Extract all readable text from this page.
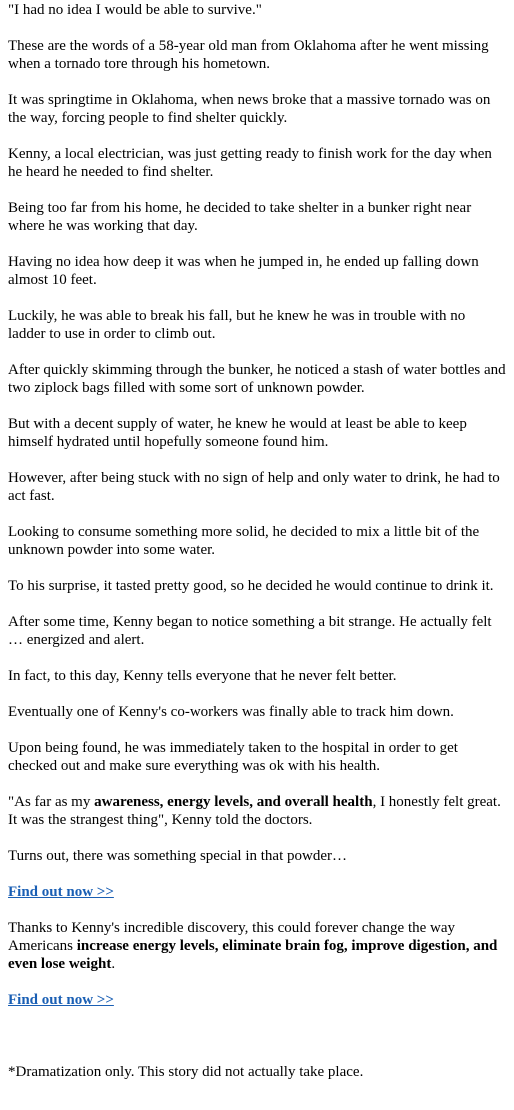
"I had no idea I would be able to survive."

These are the words of a 58-year old man from Oklahoma after he went missing when a tornado tore through his hometown.

It was springtime in Oklahoma, when news broke that a massive tornado was on the way, forcing people to find shelter quickly.

Kenny, a local electrician, was just getting ready to finish work for the day when he heard he needed to find shelter.

Being too far from his home, he decided to take shelter in a bunker right near where he was working that day.

Having no idea how deep it was when he jumped in, he ended up falling down almost 10 feet.

Luckily, he was able to break his fall, but he knew he was in trouble with no ladder to use in order to climb out.

After quickly skimming through the bunker, he noticed a stash of water bottles and two ziplock bags filled with some sort of unknown powder.

But with a decent supply of water, he knew he would at least be able to keep himself hydrated until hopefully someone found him.

However, after being stuck with no sign of help and only water to drink, he had to act fast.

Looking to consume something more solid, he decided to mix a little bit of the unknown powder into some water.

To his surprise, it tasted pretty good, so he decided he would continue to drink it.

After some time, Kenny began to notice something a bit strange. He actually felt … energized and alert.

In fact, to this day, Kenny tells everyone that he never felt better.

Eventually one of Kenny's co-workers was finally able to track him down.

Upon being found, he was immediately taken to the hospital in order to get checked out and make sure everything was ok with his health.

"As far as my awareness, energy levels, and overall health, I honestly felt great. It was the strangest thing", Kenny told the doctors.

Turns out, there was something special in that powder…

Find out now >>

Thanks to Kenny's incredible discovery, this could forever change the way Americans increase energy levels, eliminate brain fog, improve digestion, and even lose weight.

Find out now >>

*Dramatization only. This story did not actually take place.
